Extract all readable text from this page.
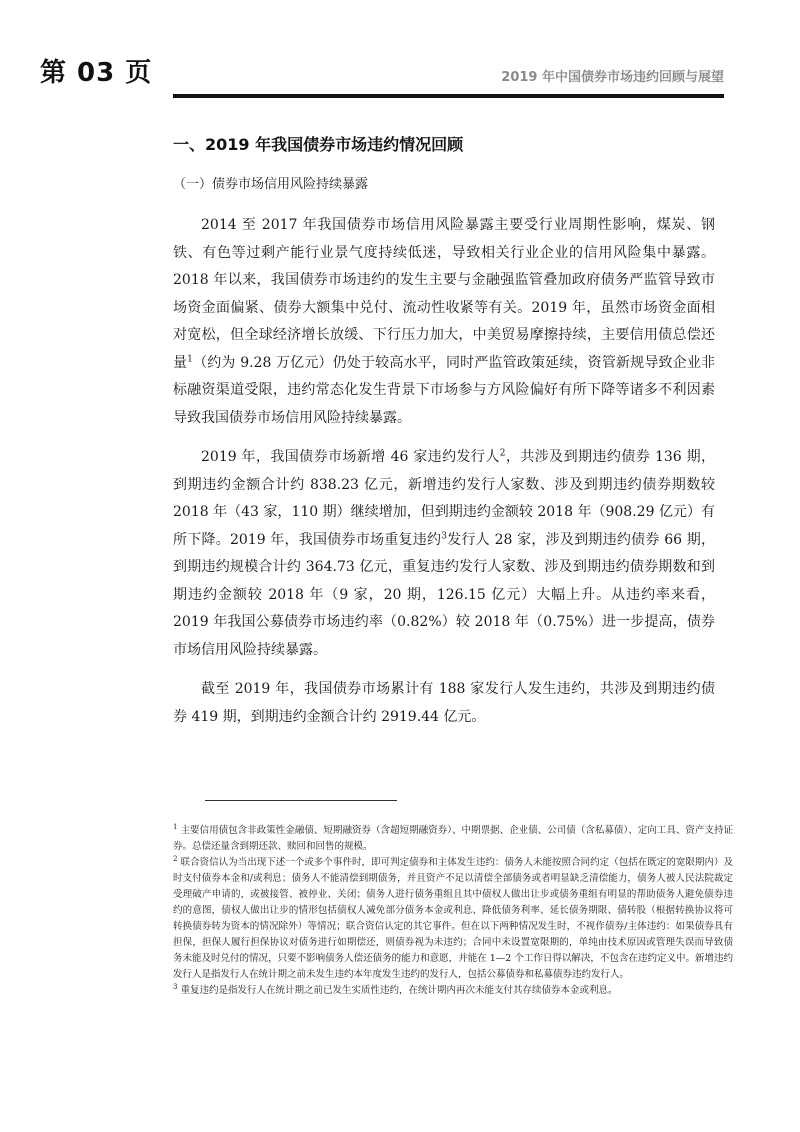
第 03 页	2019 年中国债券市场违约回顾与展望
一、2019 年我国债券市场违约情况回顾
（一）债券市场信用风险持续暴露

2014 至 2017 年我国债券市场信用风险暴露主要受行业周期性影响，煤炭、钢铁、有色等过剩产能行业景气度持续低迷，导致相关行业企业的信用风险集中暴露。2018 年以来，我国债券市场违约的发生主要与金融强监管叠加政府债务严监管导致市场资金面偏紧、债券大额集中兑付、流动性收紧等有关。2019 年，虽然市场资金面相对宽松，但全球经济增长放缓、下行压力加大，中美贸易摩擦持续，主要信用债总偿还量$^1$（约为 9.28 万亿元）仍处于较高水平，同时严监管政策延续，资管新规导致企业非标融资渠道受限，违约常态化发生背景下市场参与方风险偏好有所下降等诸多不利因素导致我国债券市场信用风险持续暴露。

2019 年，我国债券市场新增 46 家违约发行人$^2$，共涉及到期违约债券 136 期，到期违约金额合计约 838.23 亿元，新增违约发行人家数、涉及到期违约债券期数较 2018 年（43 家，110 期）继续增加，但到期违约金额较 2018 年（908.29 亿元）有所下降。2019 年，我国债券市场重复违约$^3$发行人 28 家，涉及到期违约债券 66 期，到期违约规模合计约 364.73 亿元，重复违约发行人家数、涉及到期违约债券期数和到期违约金额较 2018 年（9 家，20 期，126.15 亿元）大幅上升。从违约率来看，2019 年我国公募债券市场违约率（0.82%）较 2018 年（0.75%）进一步提高，债券市场信用风险持续暴露。

截至 2019 年，我国债券市场累计有 188 家发行人发生违约，共涉及到期违约债券 419 期，到期违约金额合计约 2919.44 亿元。

$^1$ 主要信用债包含非政策性金融债、短期融资券（含超短期融资券）、中期票据、企业债、公司债（含私募债）、定向工具、资产支持证券。总偿还量含到期还款、赎回和回售的规模。

$^2$ 联合资信认为当出现下述一个或多个事件时，即可判定债券和主体发生违约：债务人未能按照合同约定（包括在既定的宽限期内）及时支付债券本金和/或利息；债务人不能清偿到期债务，并且资产不足以清偿全部债务或者明显缺乏清偿能力，债务人被人民法院裁定受理破产申请的，或被接管、被停业、关闭；债务人进行债务重组且其中债权人做出让步或债务重组有明显的帮助债务人避免债券违约的意图，债权人做出让步的情形包括债权人减免部分债务本金或利息、降低债务利率、延长债务期限、债转股（根据转换协议将可转换债券转为资本的情况除外）等情况；联合资信认定的其它事件。但在以下两种情况发生时，不视作债券/主体违约：如果债券具有担保，担保人履行担保协议对债务进行如期偿还，则债券视为未违约；合同中未设置宽限期的，单纯由技术原因或管理失误而导致债务未能及时兑付的情况，只要不影响债务人偿还债务的能力和意愿，并能在 1—2 个工作日得以解决，不包含在违约定义中。新增违约发行人是指发行人在统计期之前未发生违约本年度发生违约的发行人，包括公募债券和私募债券违约发行人。

$^3$ 重复违约是指发行人在统计期之前已发生实质性违约，在统计期内再次未能支付其存续债券本金或利息。
